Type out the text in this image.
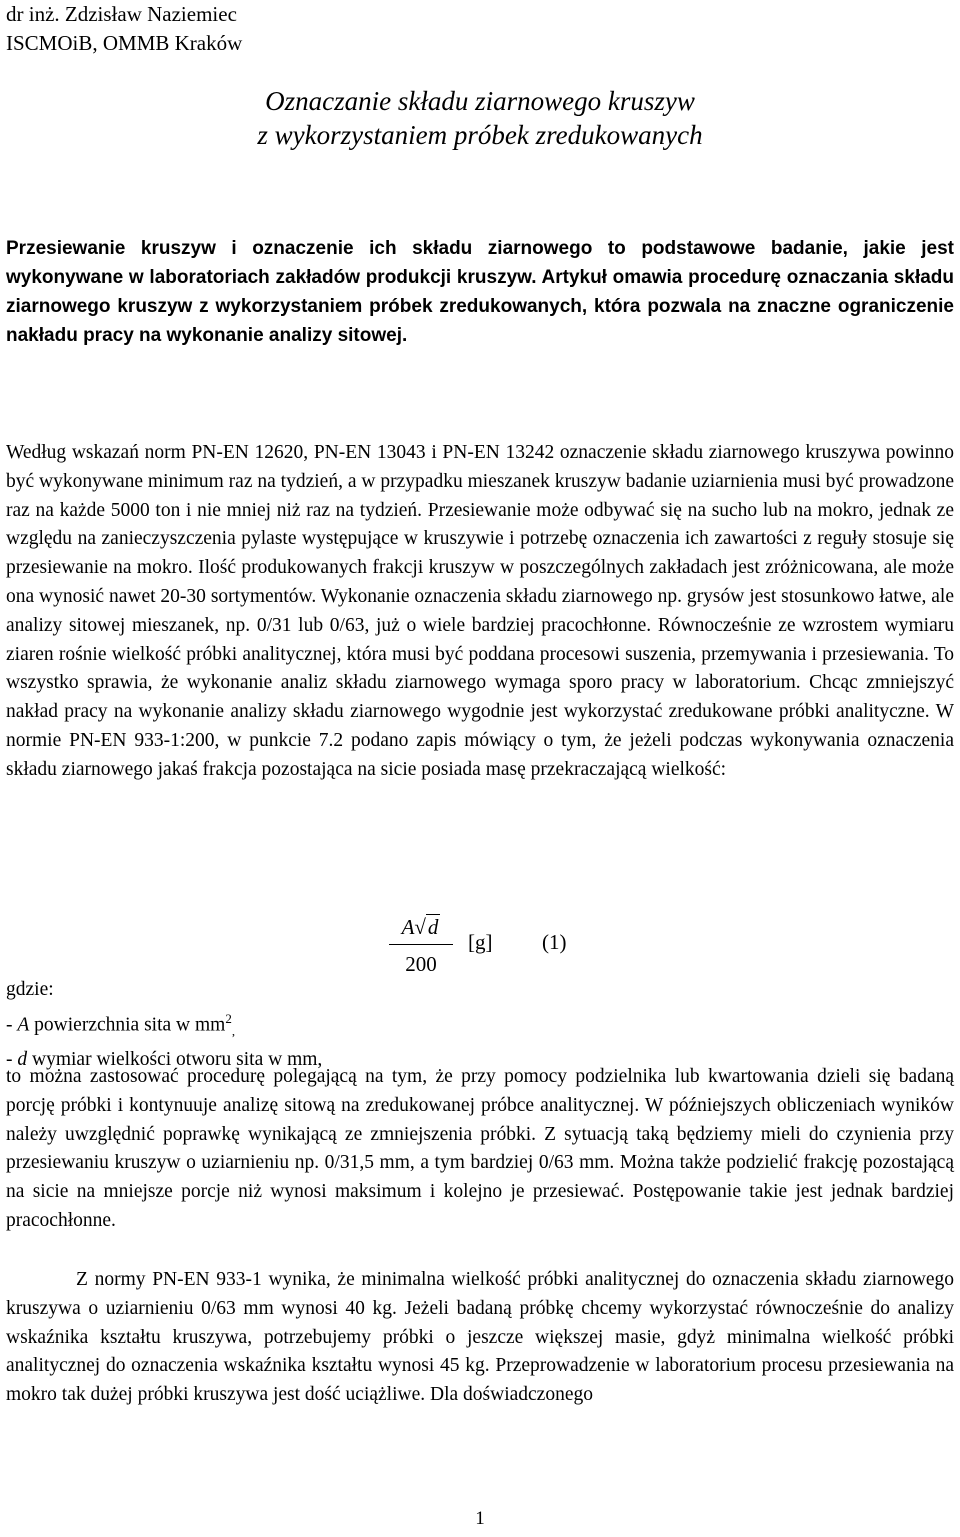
dr inż. Zdzisław Naziemiec
ISCMOiB, OMMB Kraków
Oznaczanie składu ziarnowego kruszyw
z wykorzystaniem próbek zredukowanych

Przesiewanie kruszyw i oznaczenie ich składu ziarnowego to podstawowe badanie, jakie jest wykonywane w laboratoriach zakładów produkcji kruszyw. Artykuł omawia procedurę oznaczania składu ziarnowego kruszyw z wykorzystaniem próbek zredukowanych, która pozwala na znaczne ograniczenie nakładu pracy na wykonanie analizy sitowej.

Według wskazań norm PN-EN 12620, PN-EN 13043 i PN-EN 13242 oznaczenie składu ziarnowego kruszywa powinno być wykonywane minimum raz na tydzień, a w przypadku mieszanek kruszyw badanie uziarnienia musi być prowadzone raz na każde 5000 ton i nie mniej niż raz na tydzień. Przesiewanie może odbywać się na sucho lub na mokro, jednak ze względu na zanieczyszczenia pylaste występujące w kruszywie i potrzebę oznaczenia ich zawartości z reguły stosuje się przesiewanie na mokro. Ilość produkowanych frakcji kruszyw w poszczególnych zakładach jest zróżnicowana, ale może ona wynosić nawet 20-30 sortymentów. Wykonanie oznaczenia składu ziarnowego np. grysów jest stosunkowo łatwe, ale analizy sitowej mieszanek, np. 0/31 lub 0/63, już o wiele bardziej pracochłonne. Równocześnie ze wzrostem wymiaru ziaren rośnie wielkość próbki analitycznej, która musi być poddana procesowi suszenia, przemywania i przesiewania. To wszystko sprawia, że wykonanie analiz składu ziarnowego wymaga sporo pracy w laboratorium. Chcąc zmniejszyć nakład pracy na wykonanie analizy składu ziarnowego wygodnie jest wykorzystać zredukowane próbki analityczne. W normie PN-EN 933-1:200, w punkcie 7.2 podano zapis mówiący o tym, że jeżeli podczas wykonywania oznaczenia składu ziarnowego jakaś frakcja pozostająca na sicie posiada masę przekraczającą wielkość:

A√d
200
[g] (1)
gdzie:
- A powierzchnia sita w $mm^2_,$
- d wymiar wielkości otworu sita w mm,

to można zastosować procedurę polegającą na tym, że przy pomocy podzielnika lub kwartowania dzieli się badaną porcję próbki i kontynuuje analizę sitową na zredukowanej próbce analitycznej. W późniejszych obliczeniach wyników należy uwzględnić poprawkę wynikającą ze zmniejszenia próbki. Z sytuacją taką będziemy mieli do czynienia przy przesiewaniu kruszyw o uziarnieniu np. 0/31,5 mm, a tym bardziej 0/63 mm. Można także podzielić frakcję pozostającą na sicie na mniejsze porcje niż wynosi maksimum i kolejno je przesiewać. Postępowanie takie jest jednak bardziej pracochłonne.

Z normy PN-EN 933-1 wynika, że minimalna wielkość próbki analitycznej do oznaczenia składu ziarnowego kruszywa o uziarnieniu 0/63 mm wynosi 40 kg. Jeżeli badaną próbkę chcemy wykorzystać równocześnie do analizy wskaźnika kształtu kruszywa, potrzebujemy próbki o jeszcze większej masie, gdyż minimalna wielkość próbki analitycznej do oznaczenia wskaźnika kształtu wynosi 45 kg. Przeprowadzenie w laboratorium procesu przesiewania na mokro tak dużej próbki kruszywa jest dość uciążliwe. Dla doświadczonego

1
